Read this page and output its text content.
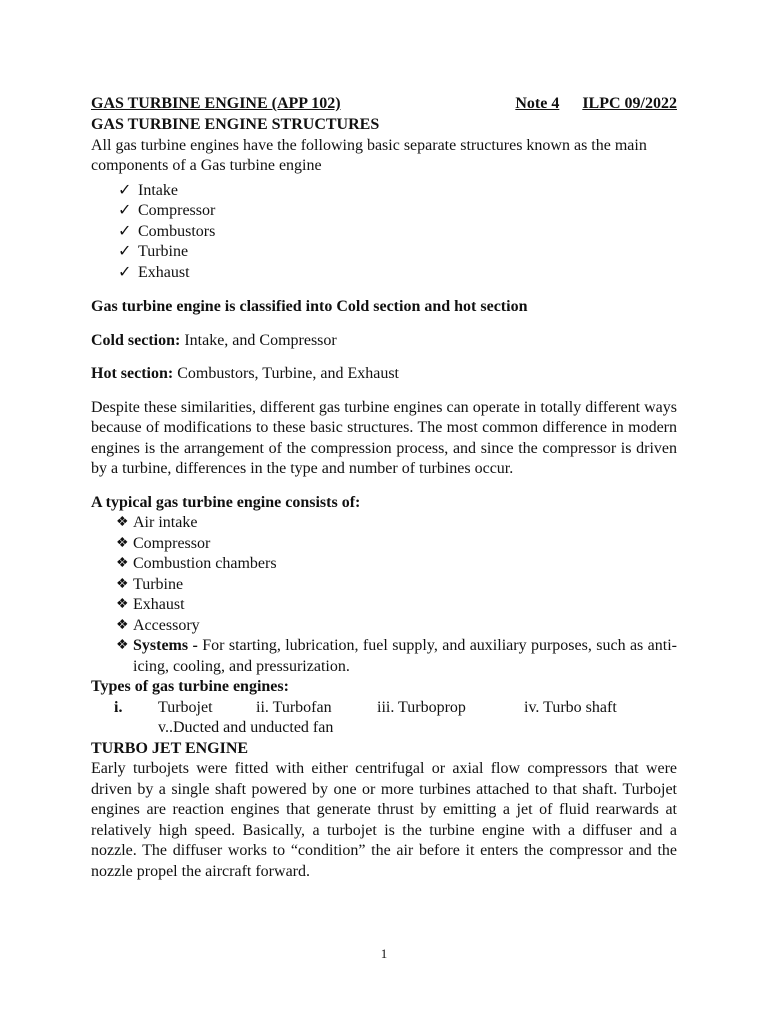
GAS TURBINE ENGINE (APP 102)	Note 4 ILPC 09/2022

GAS TURBINE ENGINE STRUCTURES

All gas turbine engines have the following basic separate structures known as the main components of a Gas turbine engine

✓ Intake
✓ Compressor
✓ Combustors
✓ Turbine
✓ Exhaust

Gas turbine engine is classified into Cold section and hot section

Cold section: Intake, and Compressor

Hot section: Combustors, Turbine, and Exhaust

Despite these similarities, different gas turbine engines can operate in totally different ways because of modifications to these basic structures. The most common difference in modern engines is the arrangement of the compression process, and since the compressor is driven by a turbine, differences in the type and number of turbines occur.

A typical gas turbine engine consists of:

❖ Air intake
❖ Compressor
❖ Combustion chambers
❖ Turbine
❖ Exhaust
❖ Accessory
❖ Systems - For starting, lubrication, fuel supply, and auxiliary purposes, such as anti-icing, cooling, and pressurization.

Types of gas turbine engines:

i.	Turbojet	ii. Turbofan	iii. Turboprop	iv. Turbo shaft
v..Ducted and unducted fan

TURBO JET ENGINE

Early turbojets were fitted with either centrifugal or axial flow compressors that were driven by a single shaft powered by one or more turbines attached to that shaft. Turbojet engines are reaction engines that generate thrust by emitting a jet of fluid rearwards at relatively high speed. Basically, a turbojet is the turbine engine with a diffuser and a nozzle. The diffuser works to “condition” the air before it enters the compressor and the nozzle propel the aircraft forward.

1
